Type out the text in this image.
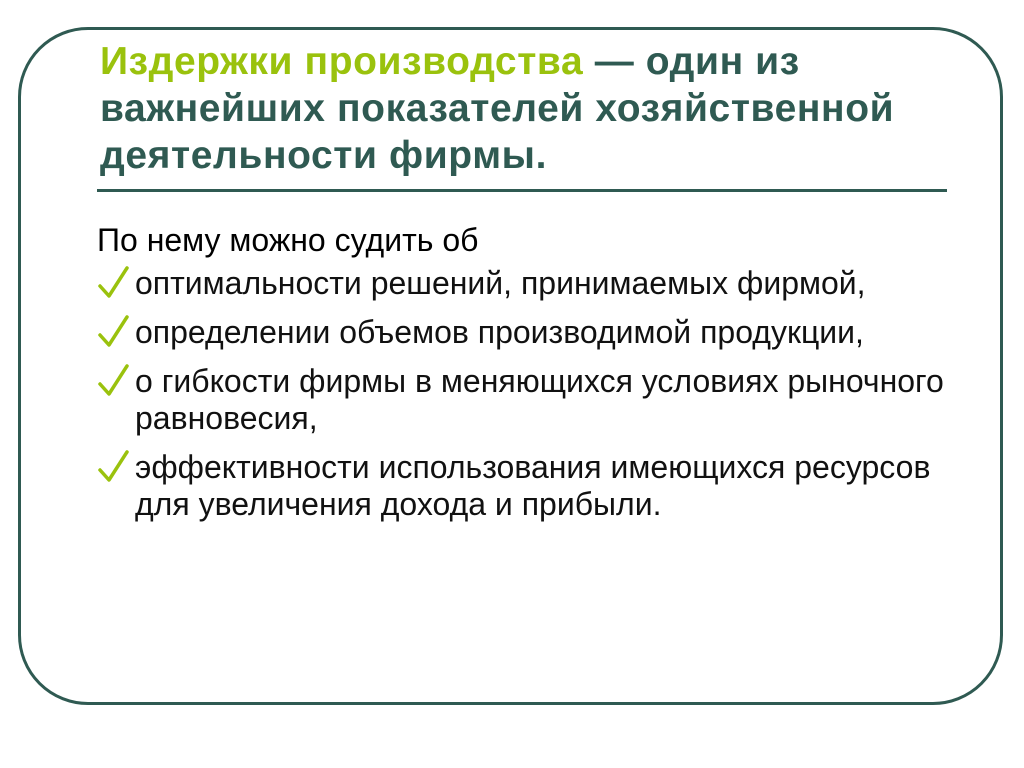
Издержки производства — один из важнейших показателей хозяйственной деятельности фирмы.

По нему можно судить об

оптимальности решений, принимаемых фирмой,
определении объемов производимой продукции,
о гибкости фирмы в меняющихся условиях рыночного равновесия,
эффективности использования имеющихся ресурсов для увеличения дохода и прибыли.
